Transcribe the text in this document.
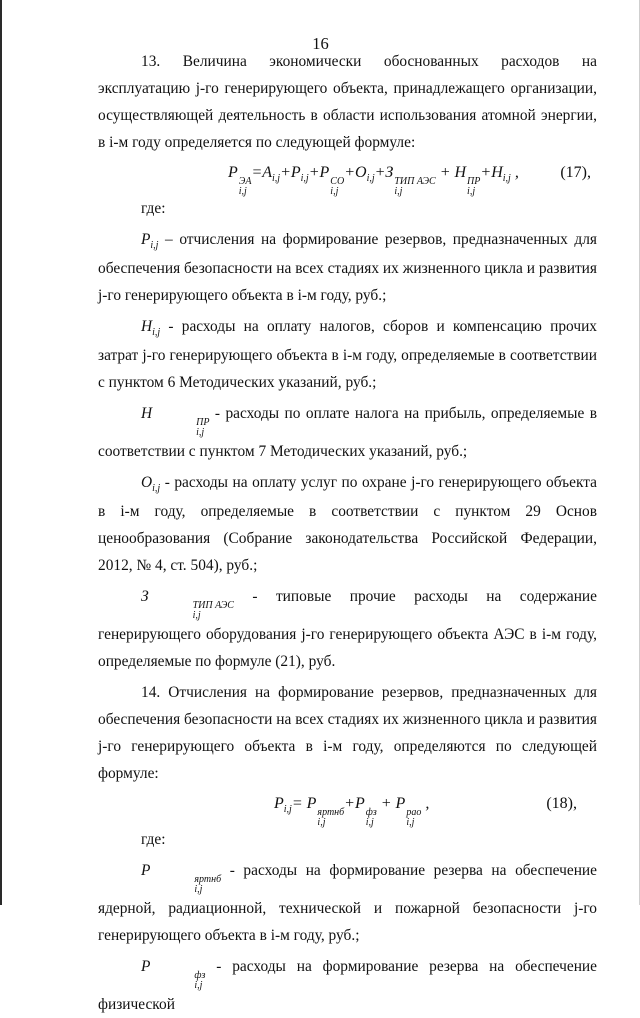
16

13. Величина экономически обоснованных расходов на эксплуатацию j-го генерирующего объекта, принадлежащего организации, осуществляющей деятельность в области использования атомной энергии, в i-м году определяется по следующей формуле:

P
ЭА
i,j
$=A_{i,j}+P_{i,j}+P$
CO
i,j
$+O_{i,j}+З$
ТИП АЭС
i,j
+ H
ПР
i,j
$+H_{i,j}$ ,	(17),
где:

$P_{i,j}$ – отчисления на формирование резервов, предназначенных для обеспечения безопасности на всех стадиях их жизненного цикла и развития j-го генерирующего объекта в i-м году, руб.;

$H_{i,j}$ - расходы на оплату налогов, сборов и компенсацию прочих затрат j-го генерирующего объекта в i-м году, определяемые в соответствии с пунктом 6 Методических указаний, руб.;

H
ПР
i,j
- расходы по оплате налога на прибыль, определяемые в соответствии с пунктом 7 Методических указаний, руб.;

$O_{i,j}$ - расходы на оплату услуг по охране j-го генерирующего объекта в i-м году, определяемые в соответствии с пунктом 29 Основ ценообразования (Собрание законодательства Российской Федерации, 2012, № 4, ст. 504), руб.;

З
ТИП АЭС
i,j
- типовые прочие расходы на содержание генерирующего оборудования j-го генерирующего объекта АЭС в i-м году, определяемые по формуле (21), руб.

14. Отчисления на формирование резервов, предназначенных для обеспечения безопасности на всех стадиях их жизненного цикла и развития j-го генерирующего объекта в i-м году, определяются по следующей формуле:

$P_{i,j}= P$
яртнб
i,j
+P
фз
i,j
+ P
рао
i,j
,	(18),
где:

P
яртнб
i,j
- расходы на формирование резерва на обеспечение ядерной, радиационной, технической и пожарной безопасности j-го генерирующего объекта в i-м году, руб.;

P
фз
i,j
- расходы на формирование резерва на обеспечение физической
